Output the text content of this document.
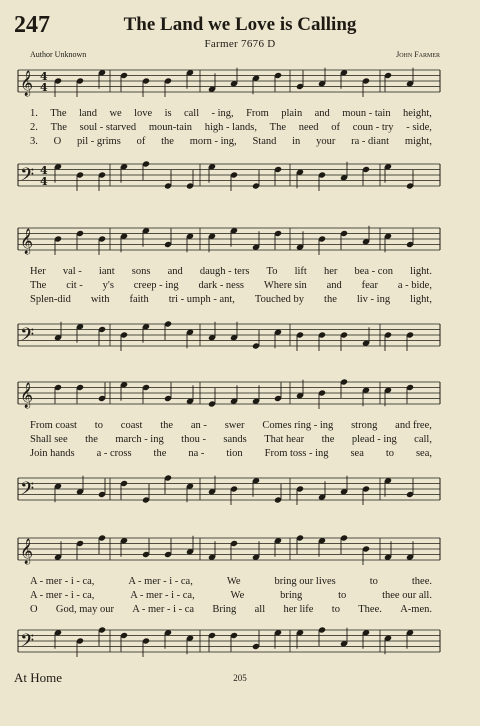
247	The Land we Love is Calling
Farmer 7676 D
Author Unknown	John Farmer
𝄞 4
4
1. The land we love is call - ing, From plain and moun - tain height,
2. The soul - starved moun-tain high - lands, The need of coun - try - side,
3. O pil - grims of the morn - ing, Stand in your ra - diant might,
𝄢 4
4
𝄞
Her val - iant sons and daugh - ters To lift her bea - con light.
The cit - y's creep - ing dark - ness Where sin and fear a - bide,
Splen-did with faith tri - umph - ant, Touched by the liv - ing light,
𝄢
𝄞
From coast to coast the an - swer Comes ring - ing strong and free,
Shall see the march - ing thou - sands That hear the plead - ing call,
Join hands a - cross the na - tion From toss - ing sea to sea,
𝄢
𝄞
A - mer - i - ca,	A - mer - i - ca,	We	bring our lives	to	thee.
A - mer - i - ca,	A - mer - i - ca,	We	bring	to	thee our all.
O God, may our A - mer - i - ca Bring all her life to Thee. A-men.
𝄢
At Home	205
